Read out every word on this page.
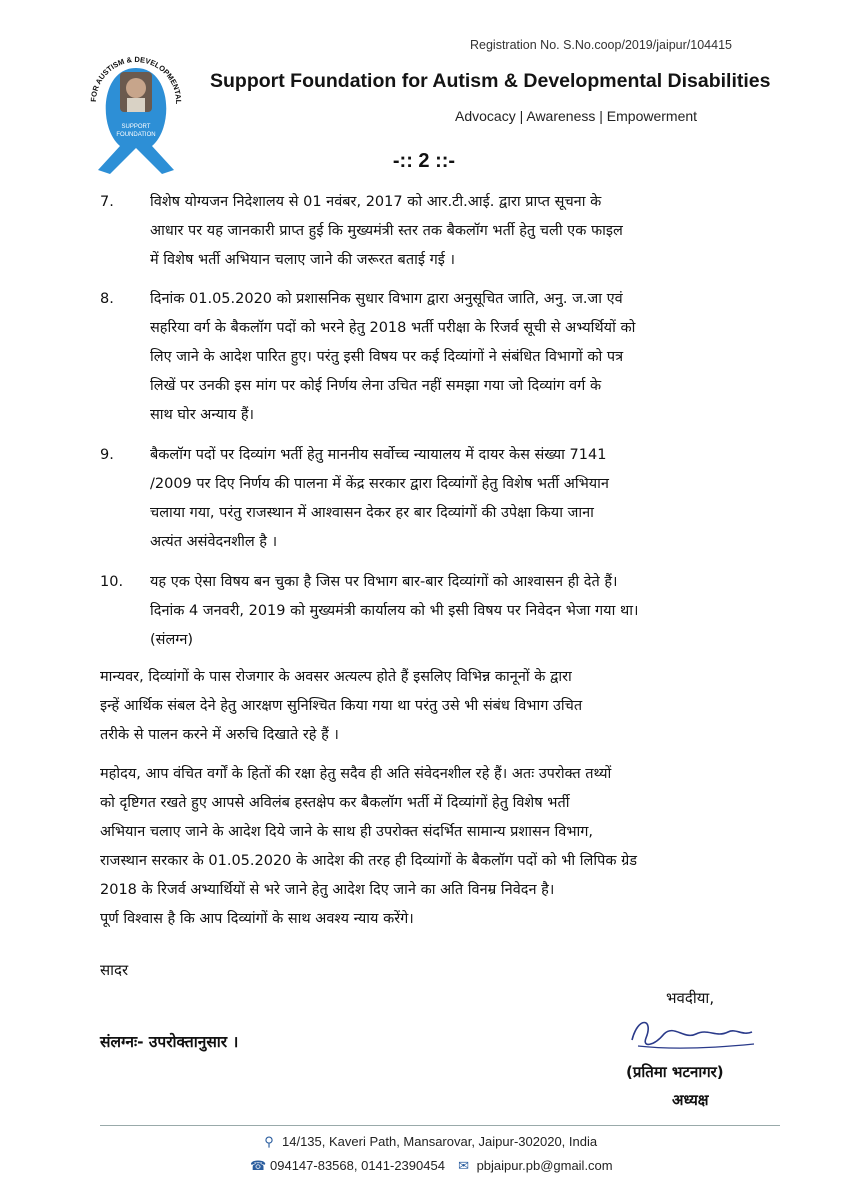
FOR AUSTISM & DEVELOPMENTAL
SUPPORT
FOUNDATION
Registration No. S.No.coop/2019/jaipur/104415
Support Foundation for Autism & Developmental Disabilities
Advocacy | Awareness | Empowerment
-:: 2 ::-
7. विशेष योग्यजन निदेशालय से 01 नवंबर, 2017 को आर.टी.आई. द्वारा प्राप्त सूचना के
आधार पर यह जानकारी प्राप्त हुई कि मुख्यमंत्री स्तर तक बैकलॉग भर्ती हेतु चली एक फाइल
में विशेष भर्ती अभियान चलाए जाने की जरूरत बताई गई ।
8. दिनांक 01.05.2020 को प्रशासनिक सुधार विभाग द्वारा अनुसूचित जाति, अनु. ज.जा एवं
सहरिया वर्ग के बैकलॉग पदों को भरने हेतु 2018 भर्ती परीक्षा के रिजर्व सूची से अभ्यर्थियों को
लिए जाने के आदेश पारित हुए। परंतु इसी विषय पर कई दिव्यांगों ने संबंधित विभागों को पत्र
लिखें पर उनकी इस मांग पर कोई निर्णय लेना उचित नहीं समझा गया जो दिव्यांग वर्ग के
साथ घोर अन्याय हैं।
9. बैकलॉग पदों पर दिव्यांग भर्ती हेतु माननीय सर्वोच्च न्यायालय में दायर केस संख्या 7141
/2009 पर दिए निर्णय की पालना में केंद्र सरकार द्वारा दिव्यांगों हेतु विशेष भर्ती अभियान
चलाया गया, परंतु राजस्थान में आश्वासन देकर हर बार दिव्यांगों की उपेक्षा किया जाना
अत्यंत असंवेदनशील है ।
10. यह एक ऐसा विषय बन चुका है जिस पर विभाग बार-बार दिव्यांगों को आश्वासन ही देते हैं।
दिनांक 4 जनवरी, 2019 को मुख्यमंत्री कार्यालय को भी इसी विषय पर निवेदन भेजा गया था।
(संलग्न)
मान्यवर, दिव्यांगों के पास रोजगार के अवसर अत्यल्प होते हैं इसलिए विभिन्न कानूनों के द्वारा
इन्हें आर्थिक संबल देने हेतु आरक्षण सुनिश्चित किया गया था परंतु उसे भी संबंध विभाग उचित
तरीके से पालन करने में अरुचि दिखाते रहे हैं ।
महोदय, आप वंचित वर्गों के हितों की रक्षा हेतु सदैव ही अति संवेदनशील रहे हैं। अतः उपरोक्त तथ्यों
को दृष्टिगत रखते हुए आपसे अविलंब हस्तक्षेप कर बैकलॉग भर्ती में दिव्यांगों हेतु विशेष भर्ती
अभियान चलाए जाने के आदेश दिये जाने के साथ ही उपरोक्त संदर्भित सामान्य प्रशासन विभाग,
राजस्थान सरकार के 01.05.2020 के आदेश की तरह ही दिव्यांगों के बैकलॉग पदों को भी लिपिक ग्रेड
2018 के रिजर्व अभ्यार्थियों से भरे जाने हेतु आदेश दिए जाने का अति विनम्र निवेदन है।
पूर्ण विश्वास है कि आप दिव्यांगों के साथ अवश्य न्याय करेंगे।
सादर
संलग्नः- उपरोक्तानुसार ।
भवदीया,
(प्रतिमा भटनागर)
अध्यक्ष
⚲ 14/135, Kaveri Path, Mansarovar, Jaipur-302020, India
☎ 094147-83568, 0141-2390454 ✉ pbjaipur.pb@gmail.com
